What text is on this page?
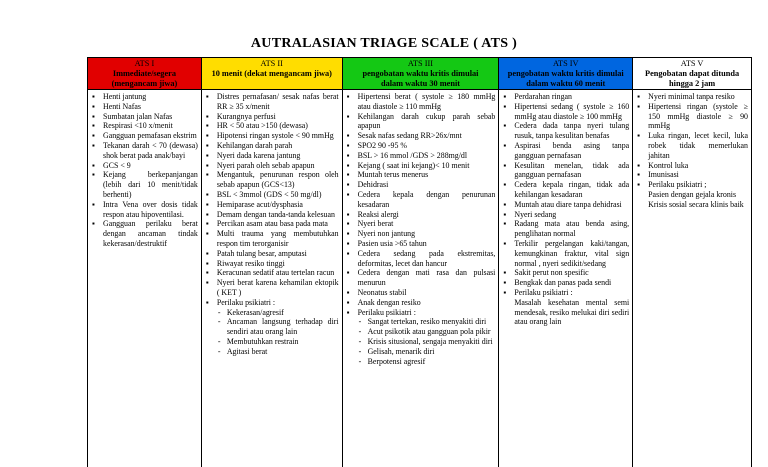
AUTRALASIAN TRIAGE SCALE ( ATS )
ATS I
Immediate/segera
(mengancam jiwa)
▪ Henti jantung
▪ Henti Nafas
▪ Sumbatan jalan Nafas
▪ Respirasi <10 x/menit
▪ Gangguan pemafasan ekstrim
▪ Tekanan darah < 70 (dewasa) shok berat pada anak/bayi
▪ GCS < 9
▪ Kejang berkepanjangan (lebih dari 10 menit/tidak berhenti)
▪ Intra Vena over dosis tidak respon atau hipoventilasi.
▪ Gangguan perilaku berat dengan ancaman tindak kekerasan/destruktif
ATS II
10 menit (dekat mengancam jiwa)
▪ Distres pernafasan/ sesak nafas berat RR ≥ 35 x/menit
▪ Kurangnya perfusi
▪ HR < 50 atau >150 (dewasa)
▪ Hipotensi ringan systole < 90 mmHg
▪ Kehilangan darah parah
▪ Nyeri dada karena jantung
▪ Nyeri parah oleh sebab apapun
▪ Mengantuk, penurunan respon oleh sebab apapun (GCS<13)
▪ BSL < 3mmol (GDS < 50 mg/dl)
▪ Hemiparase acut/dysphasia
▪ Demam dengan tanda-tanda kelesuan
▪ Percikan asam atau basa pada mata
▪ Multi trauma yang membutuhkan respon tim terorganisir
▪ Patah tulang besar, amputasi
▪ Riwayat resiko tinggi
▪ Keracunan sedatif atau tertelan racun
▪ Nyeri berat karena kehamilan ektopik ( KET )
▪ Perilaku psikiatri :
- Kekerasan/agresif
- Ancaman langsung terhadap diri sendiri atau orang lain
- Membutuhkan restrain
- Agitasi berat
ATS III
pengobatan waktu kritis dimulai
dalam waktu 30 menit
▪ Hipertensi berat ( systole ≥ 180 mmHg atau diastole ≥ 110 mmHg
▪ Kehilangan darah cukup parah sebab apapun
▪ Sesak nafas sedang RR>26x/mnt
▪ SPO2 90 -95 %
▪ BSL > 16 mmol /GDS > 288mg/dl
▪ Kejang ( saat ini kejang)< 10 menit
▪ Muntah terus menerus
▪ Dehidrasi
▪ Cedera kepala dengan penurunan kesadaran
▪ Reaksi alergi
▪ Nyeri berat
▪ Nyeri non jantung
▪ Pasien usia >65 tahun
▪ Cedera sedang pada ekstremitas, deformitas, lecet dan hancur
▪ Cedera dengan mati rasa dan pulsasi menurun
▪ Neonatus stabil
▪ Anak dengan resiko
▪ Perilaku psikiatri :
- Sangat tertekan, resiko menyakiti diri
- Acut psikotik atau gangguan pola pikir
- Krisis situsional, sengaja menyakiti diri
- Gelisah, menarik diri
- Berpotensi agresif
ATS IV
pengobatan waktu kritis dimulai
dalam waktu 60 menit
▪ Perdarahan ringan
▪ Hipertensi sedang ( systole ≥ 160 mmHg atau diastole ≥ 100 mmHg
▪ Cedera dada tanpa nyeri tulang rusuk, tanpa kesulitan benafas
▪ Aspirasi benda asing tanpa gangguan pernafasan
▪ Kesulitan menelan, tidak ada gangguan pernafasan
▪ Cedera kepala ringan, tidak ada kehilangan kesadaran
▪ Muntah atau diare tanpa dehidrasi
▪ Nyeri sedang
▪ Radang mata atau benda asing, penglihatan normal
▪ Terkilir pergelangan kaki/tangan, kemungkinan fraktur, vital sign normal , nyeri sedikit/sedang
▪ Sakit perut non spesific
▪ Bengkak dan panas pada sendi
▪ Perilaku psikiatri :
Masalah kesehatan mental semi mendesak, resiko melukai diri sediri atau orang lain
ATS V
Pengobatan dapat ditunda
hingga 2 jam
▪ Nyeri minimal tanpa resiko
▪ Hipertensi ringan (systole ≥ 150 mmHg diastole ≥ 90 mmHg
▪ Luka ringan, lecet kecil, luka robek tidak memerlukan jahitan
▪ Kontrol luka
▪ Imunisasi
▪ Perilaku psikiatri ;
Pasien dengan gejala kronis
Krisis sosial secara klinis baik
